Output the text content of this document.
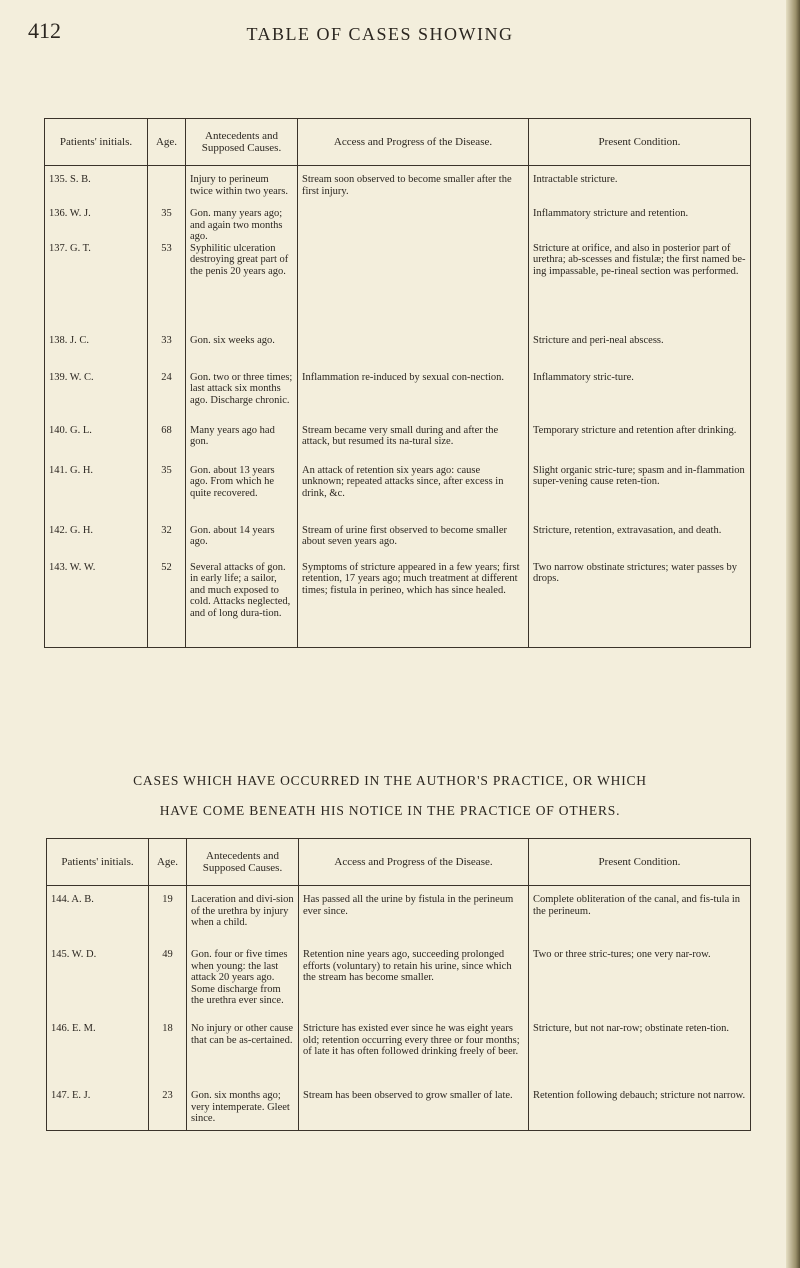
412	TABLE OF CASES SHOWING
Patients' initials.	Age.	Antecedents and Supposed Causes.	Access and Progress of the Disease.	Present Condition.

135. S. B.		Injury to perineum twice within two years.	Stream soon observed to become smaller after the first injury.	Intractable stricture.
136. W. J.	35	Gon. many years ago; and again two months ago.		Inflammatory stricture and retention.
137. G. T.	53	Syphilitic ulceration destroying great part of the penis 20 years ago.		Stricture at orifice, and also in posterior part of urethra; ab-scesses and fistulæ; the first named be-ing impassable, pe-rineal section was performed.
138. J. C.	33	Gon. six weeks ago.		Stricture and peri-neal abscess.
139. W. C.	24	Gon. two or three times; last attack six months ago. Discharge chronic.	Inflammation re-induced by sexual con-nection.	Inflammatory stric-ture.
140. G. L.	68	Many years ago had gon.	Stream became very small during and after the attack, but resumed its na-tural size.	Temporary stricture and retention after drinking.
141. G. H.	35	Gon. about 13 years ago. From which he quite recovered.	An attack of retention six years ago: cause unknown; repeated attacks since, after excess in drink, &c.	Slight organic stric-ture; spasm and in-flammation super-vening cause reten-tion.
142. G. H.	32	Gon. about 14 years ago.	Stream of urine first observed to become smaller about seven years ago.	Stricture, retention, extravasation, and death.
143. W. W.	52	Several attacks of gon. in early life; a sailor, and much exposed to cold. Attacks neglected, and of long dura-tion.	Symptoms of stricture appeared in a few years; first retention, 17 years ago; much treatment at different times; fistula in perineo, which has since healed.	Two narrow obstinate strictures; water passes by drops.
CASES WHICH HAVE OCCURRED IN THE AUTHOR'S PRACTICE, OR WHICH
HAVE COME BENEATH HIS NOTICE IN THE PRACTICE OF OTHERS.
Patients' initials.	Age.	Antecedents and Supposed Causes.	Access and Progress of the Disease.	Present Condition.

144. A. B.	19	Laceration and divi-sion of the urethra by injury when a child.	Has passed all the urine by fistula in the perineum ever since.	Complete obliteration of the canal, and fis-tula in the perineum.
145. W. D.	49	Gon. four or five times when young: the last attack 20 years ago. Some discharge from the urethra ever since.	Retention nine years ago, succeeding prolonged efforts (voluntary) to retain his urine, since which the stream has become smaller.	Two or three stric-tures; one very nar-row.
146. E. M.	18	No injury or other cause that can be as-certained.	Stricture has existed ever since he was eight years old; retention occurring every three or four months; of late it has often followed drinking freely of beer.	Stricture, but not nar-row; obstinate reten-tion.
147. E. J.	23	Gon. six months ago; very intemperate. Gleet since.	Stream has been observed to grow smaller of late.	Retention following debauch; stricture not narrow.
